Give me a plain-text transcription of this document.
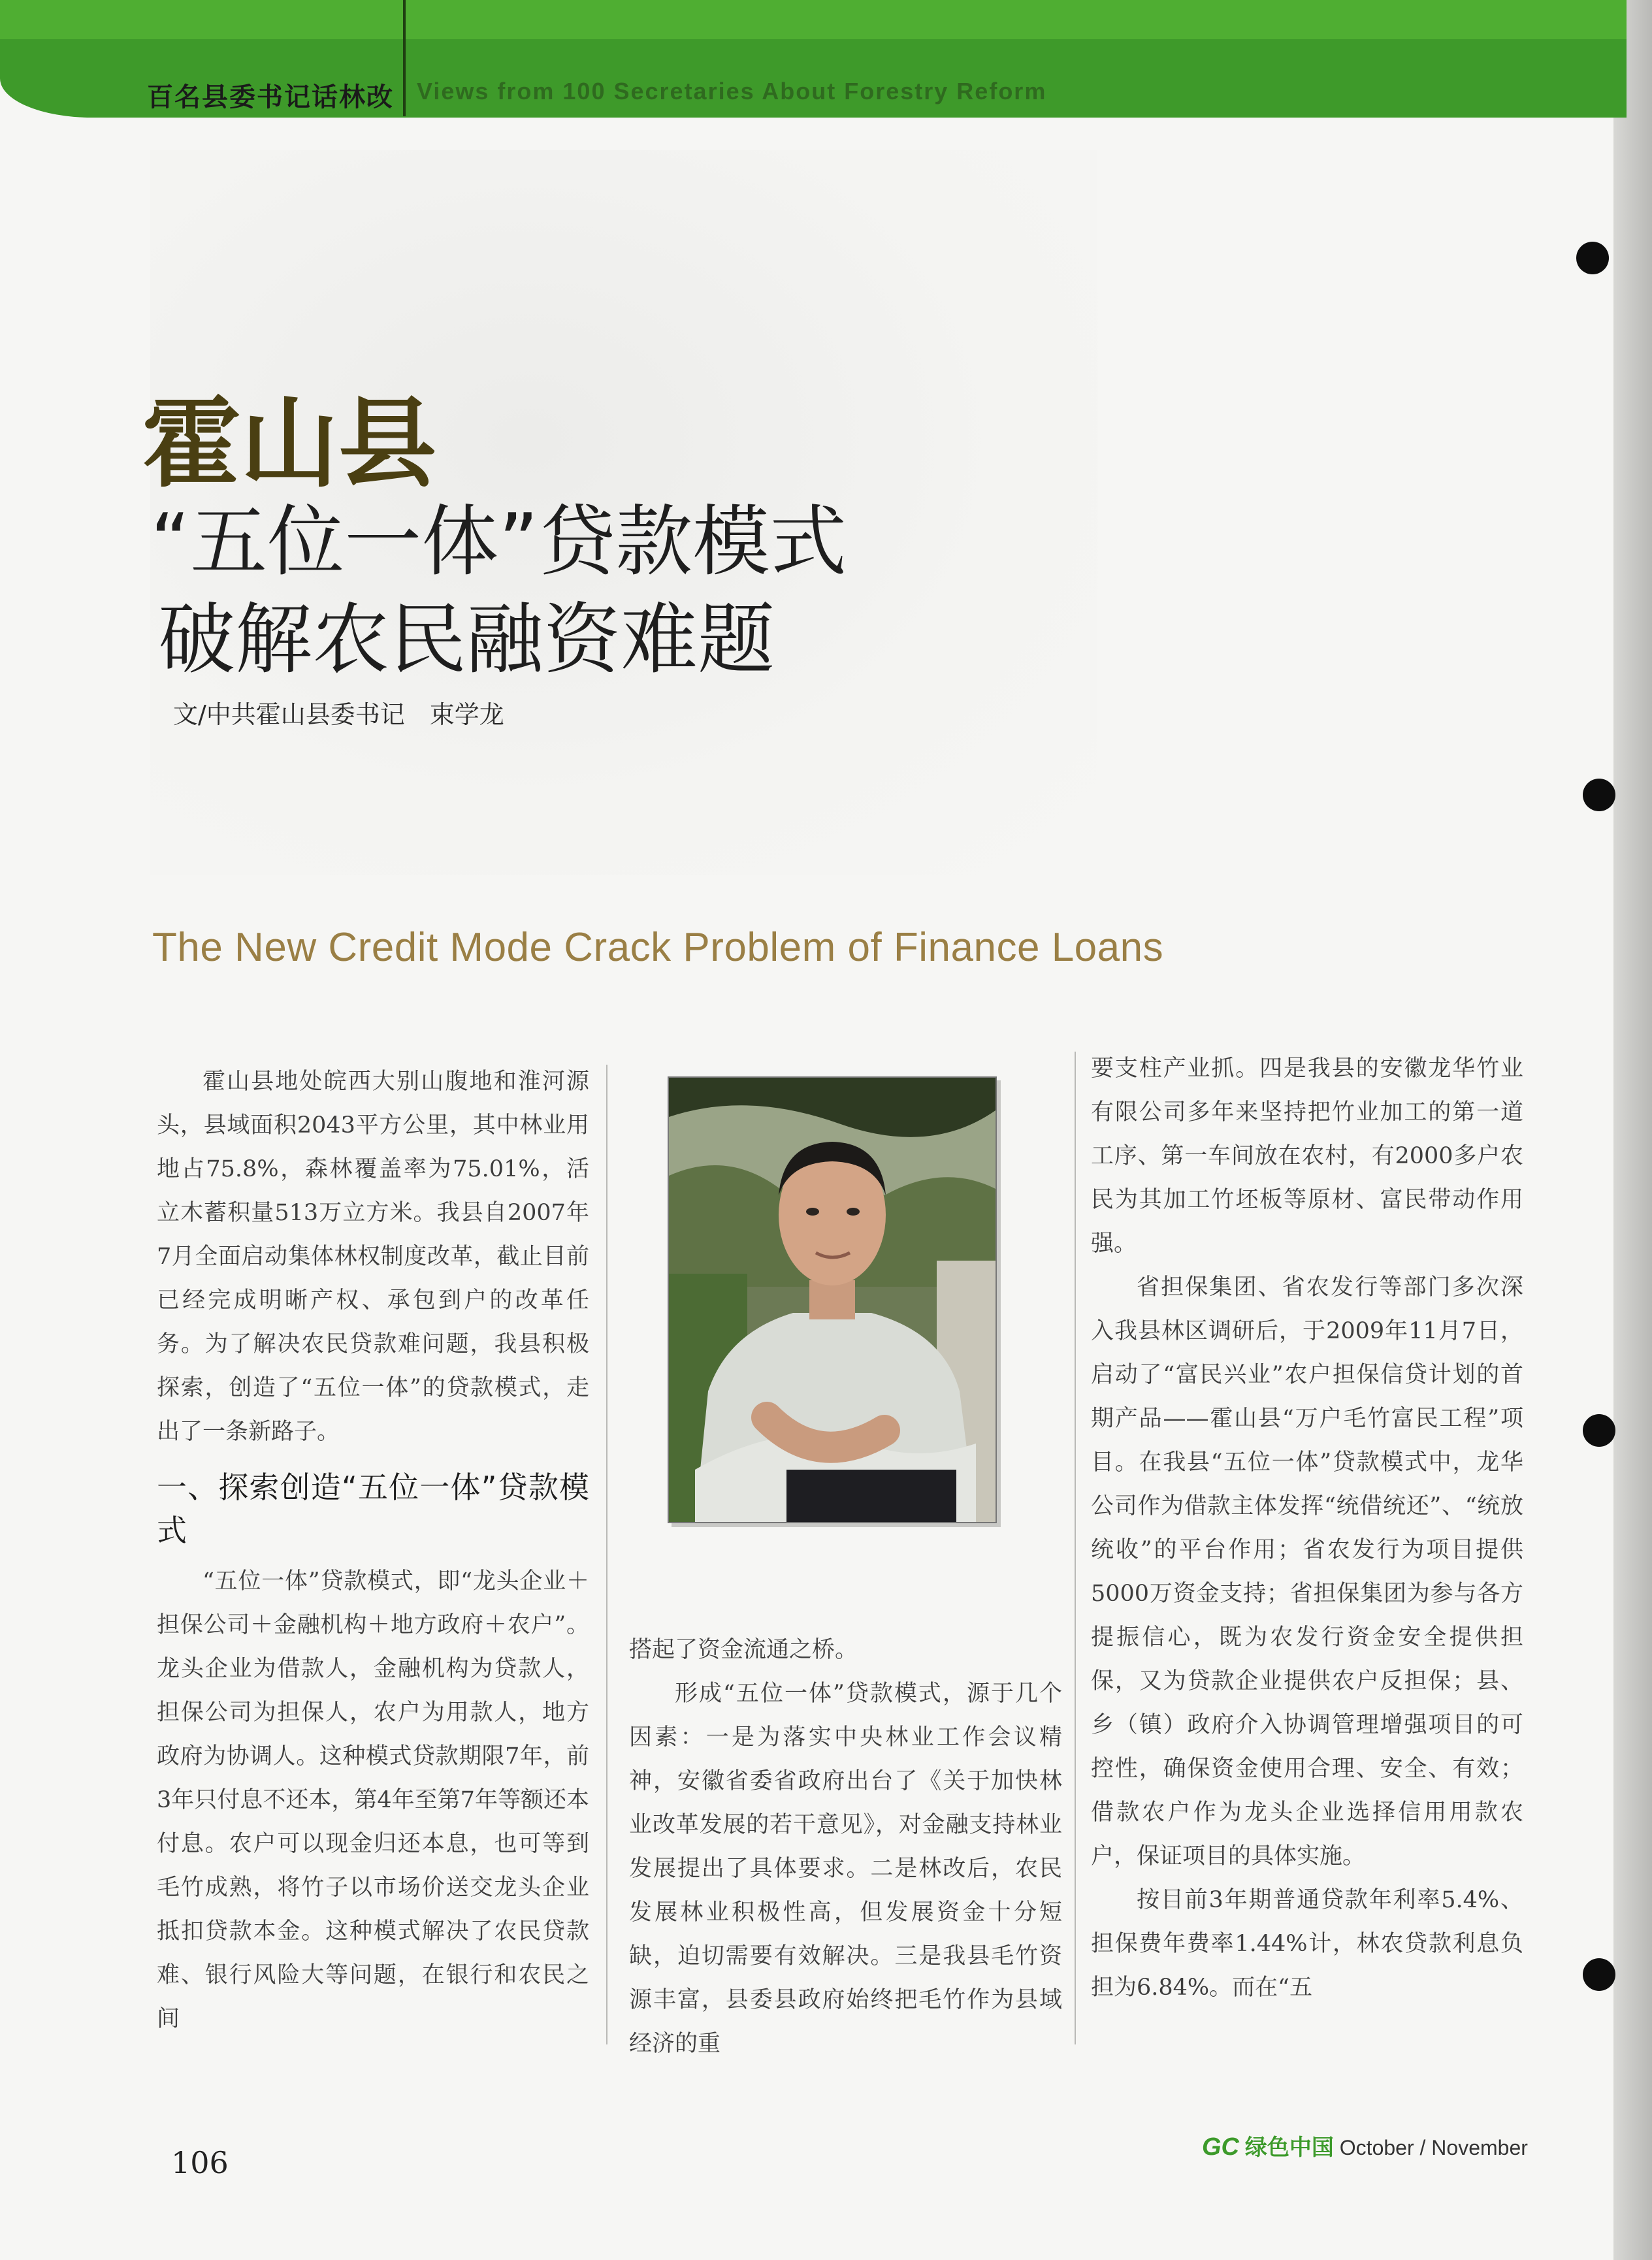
百名县委书记话林改 Views from 100 Secretaries About Forestry Reform
霍山县
“五位一体”贷款模式
破解农民融资难题
文/中共霍山县委书记　束学龙
The New Credit Mode Crack Problem of Finance Loans

霍山县地处皖西大别山腹地和淮河源头，县域面积2043平方公里，其中林业用地占75.8%，森林覆盖率为75.01%，活立木蓄积量513万立方米。我县自2007年7月全面启动集体林权制度改革，截止目前已经完成明晰产权、承包到户的改革任务。为了解决农民贷款难问题，我县积极探索，创造了“五位一体”的贷款模式，走出了一条新路子。

一、探索创造“五位一体”贷款模式

“五位一体”贷款模式，即“龙头企业＋担保公司＋金融机构＋地方政府＋农户”。龙头企业为借款人，金融机构为贷款人，担保公司为担保人，农户为用款人，地方政府为协调人。这种模式贷款期限7年，前3年只付息不还本，第4年至第7年等额还本付息。农户可以现金归还本息，也可等到毛竹成熟，将竹子以市场价送交龙头企业抵扣贷款本金。这种模式解决了农民贷款难、银行风险大等问题，在银行和农民之间

搭起了资金流通之桥。

形成“五位一体”贷款模式，源于几个因素：一是为落实中央林业工作会议精神，安徽省委省政府出台了《关于加快林业改革发展的若干意见》，对金融支持林业发展提出了具体要求。二是林改后，农民发展林业积极性高，但发展资金十分短缺，迫切需要有效解决。三是我县毛竹资源丰富，县委县政府始终把毛竹作为县域经济的重

要支柱产业抓。四是我县的安徽龙华竹业有限公司多年来坚持把竹业加工的第一道工序、第一车间放在农村，有2000多户农民为其加工竹坯板等原材、富民带动作用强。

省担保集团、省农发行等部门多次深入我县林区调研后，于2009年11月7日，启动了“富民兴业”农户担保信贷计划的首期产品——霍山县“万户毛竹富民工程”项目。在我县“五位一体”贷款模式中，龙华公司作为借款主体发挥“统借统还”、“统放统收”的平台作用；省农发行为项目提供5000万资金支持；省担保集团为参与各方提振信心，既为农发行资金安全提供担保，又为贷款企业提供农户反担保；县、乡（镇）政府介入协调管理增强项目的可控性，确保资金使用合理、安全、有效；借款农户作为龙头企业选择信用用款农户，保证项目的具体实施。

按目前3年期普通贷款年利率5.4%、担保费年费率1.44%计，林农贷款利息负担为6.84%。而在“五

106	GC 绿色中国 October / November
